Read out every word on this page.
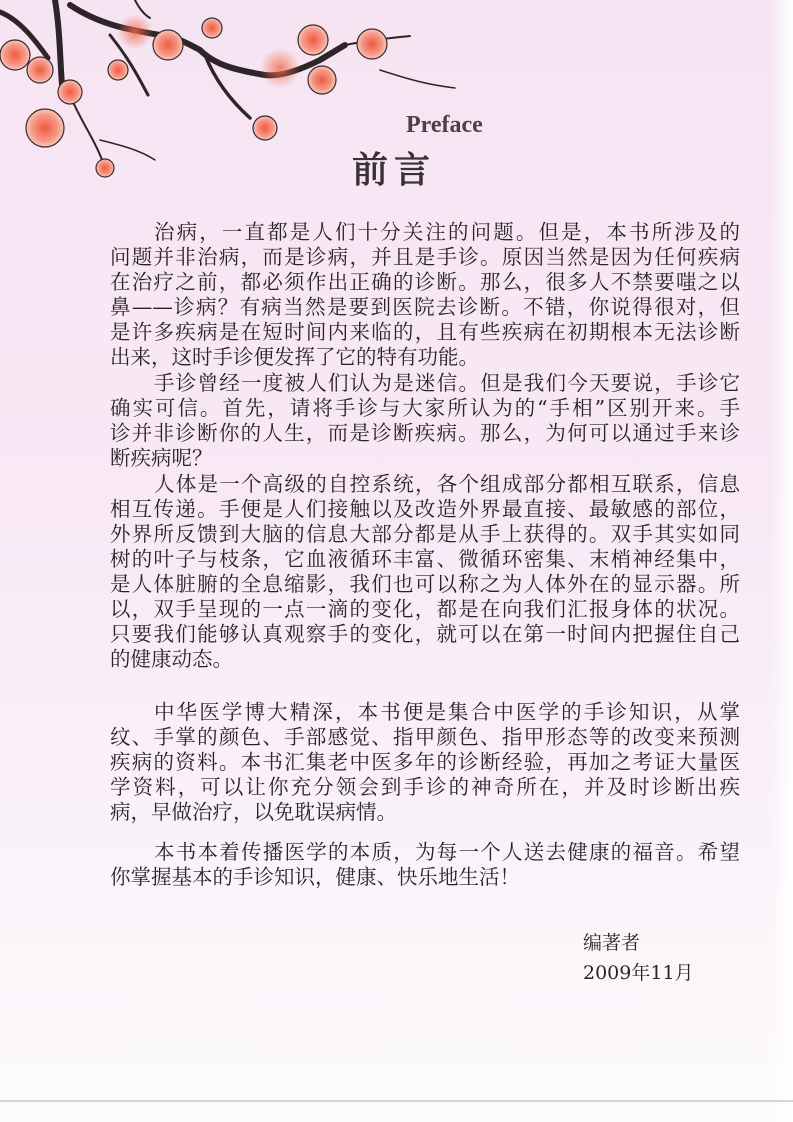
Preface
前言
治病，一直都是人们十分关注的问题。但是，本书所涉及的
问题并非治病，而是诊病，并且是手诊。原因当然是因为任何疾病
在治疗之前，都必须作出正确的诊断。那么，很多人不禁要嗤之以
鼻——诊病？有病当然是要到医院去诊断。不错，你说得很对，但
是许多疾病是在短时间内来临的，且有些疾病在初期根本无法诊断
出来，这时手诊便发挥了它的特有功能。
手诊曾经一度被人们认为是迷信。但是我们今天要说，手诊它
确实可信。首先，请将手诊与大家所认为的“手相”区别开来。手
诊并非诊断你的人生，而是诊断疾病。那么，为何可以通过手来诊
断疾病呢？
人体是一个高级的自控系统，各个组成部分都相互联系，信息
相互传递。手便是人们接触以及改造外界最直接、最敏感的部位，
外界所反馈到大脑的信息大部分都是从手上获得的。双手其实如同
树的叶子与枝条，它血液循环丰富、微循环密集、末梢神经集中，
是人体脏腑的全息缩影，我们也可以称之为人体外在的显示器。所
以，双手呈现的一点一滴的变化，都是在向我们汇报身体的状况。
只要我们能够认真观察手的变化，就可以在第一时间内把握住自己
的健康动态。
中华医学博大精深，本书便是集合中医学的手诊知识，从掌
纹、手掌的颜色、手部感觉、指甲颜色、指甲形态等的改变来预测
疾病的资料。本书汇集老中医多年的诊断经验，再加之考证大量医
学资料，可以让你充分领会到手诊的神奇所在，并及时诊断出疾
病，早做治疗，以免耽误病情。
本书本着传播医学的本质，为每一个人送去健康的福音。希望
你掌握基本的手诊知识，健康、快乐地生活！
编著者
2009年11月
